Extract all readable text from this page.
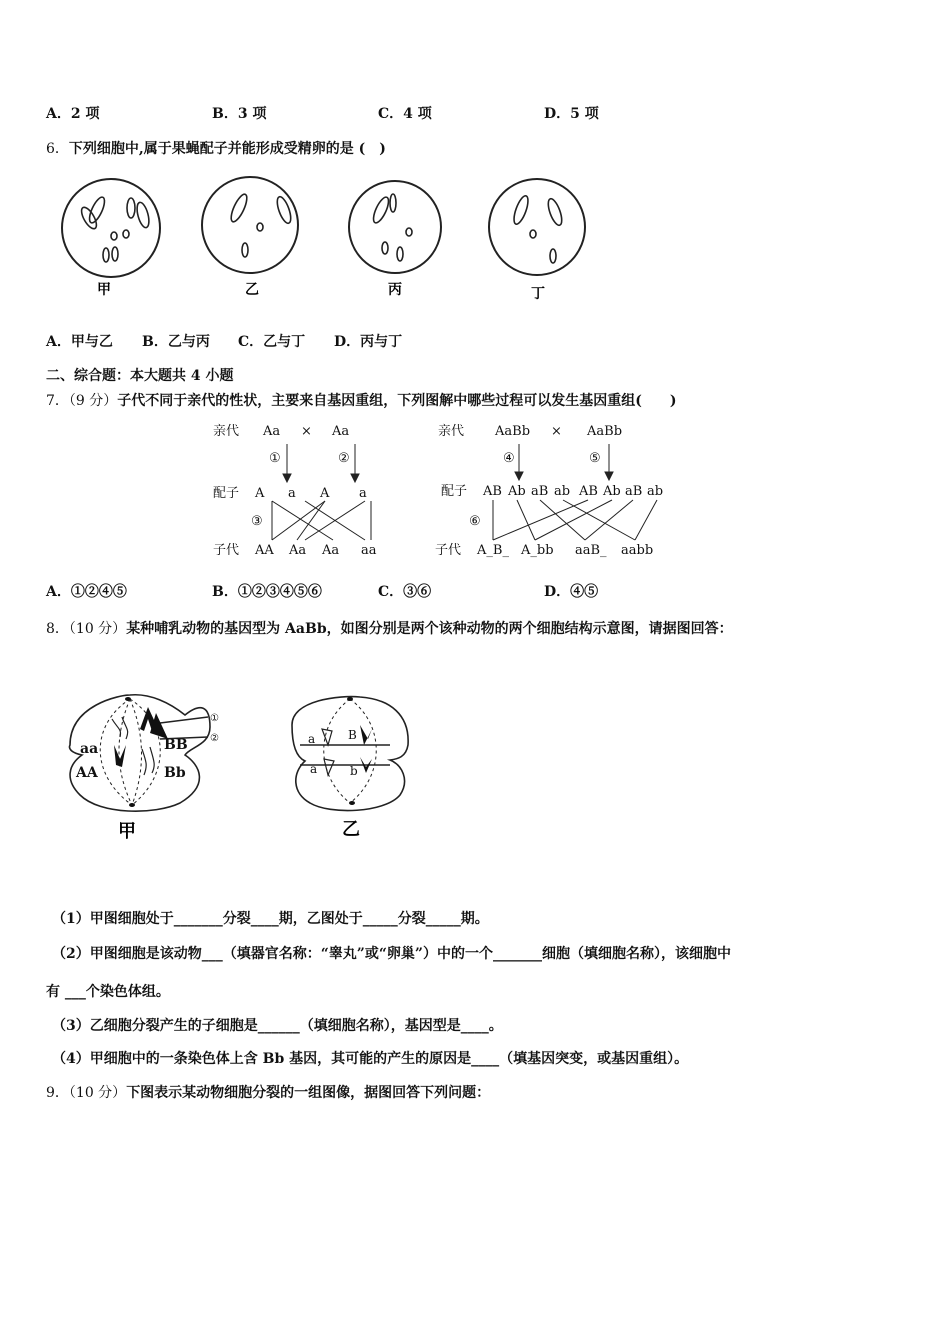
A．2 项	B．3 项	C．4 项	D．5 项
6．下列细胞中,属于果蝇配子并能形成受精卵的是 (　)
甲	乙	丙	丁
A．甲与乙 B．乙与丙 C．乙与丁 D．丙与丁
二、综合题：本大题共 4 小题
7．（9 分）子代不同于亲代的性状，主要来自基因重组，下列图解中哪些过程可以发生基因重组(　　)
亲代
配子
子代
Aa × Aa
①	②
③
A a A a
AA Aa Aa aa
亲代
配子
子代
AaBb × AaBb
④	⑤
⑥
AB Ab aB ab AB Ab aB ab
A_B_ A_bb aaB_ aabb
A．①②④⑤	B．①②③④⑤⑥	C．③⑥	D．④⑤
8．（10 分）某种哺乳动物的基因型为 AaBb，如图分别是两个该种动物的两个细胞结构示意图，请据图回答：
aa	BB
AA	Bb
①
②	a	B
a	b
甲	乙
（1）甲图细胞处于_______分裂____期，乙图处于_____分裂_____期。
（2）甲图细胞是该动物___（填器官名称：“睾丸”或“卵巢”）中的一个_______细胞（填细胞名称），该细胞中
有 ___个染色体组。
（3）乙细胞分裂产生的子细胞是______（填细胞名称），基因型是____。
（4）甲细胞中的一条染色体上含 Bb 基因，其可能的产生的原因是____（填基因突变，或基因重组）。
9．（10 分）下图表示某动物细胞分裂的一组图像，据图回答下列问题：
